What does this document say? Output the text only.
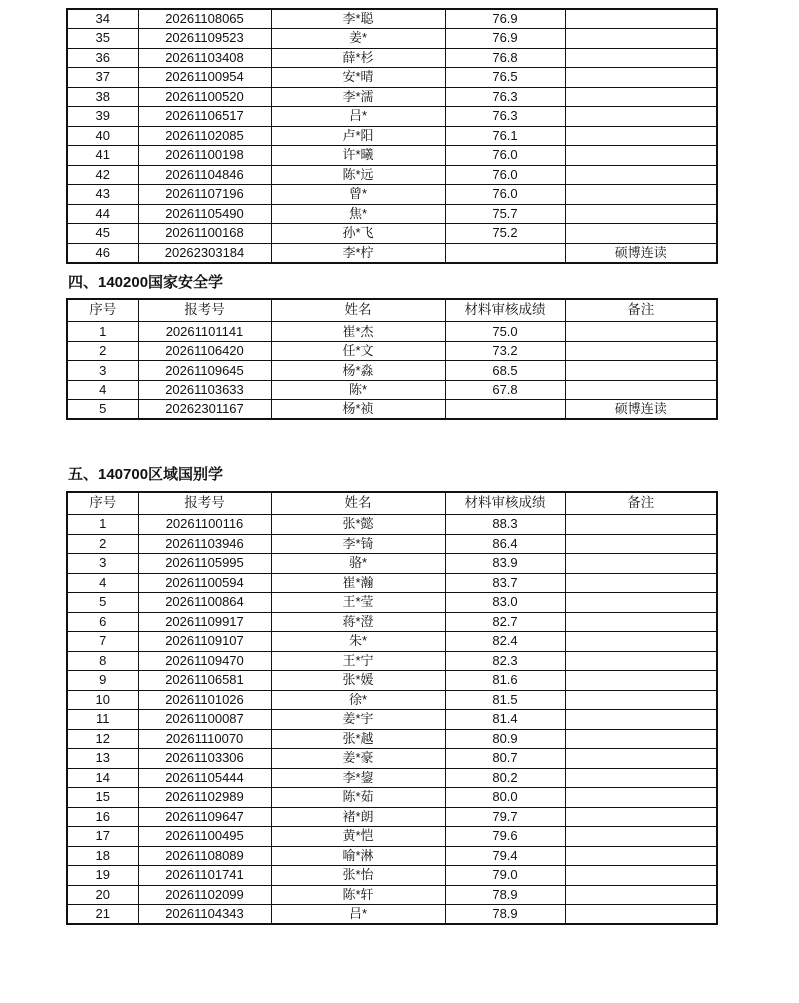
34	20261108065	李*聪	76.9	
35	20261109523	姜*	76.9	
36	20261103408	薛*杉	76.8	
37	20261100954	安*晴	76.5	
38	20261100520	李*濡	76.3	
39	20261106517	吕*	76.3	
40	20261102085	卢*阳	76.1	
41	20261100198	许*曦	76.0	
42	20261104846	陈*远	76.0	
43	20261107196	曾*	76.0	
44	20261105490	焦*	75.7	
45	20261100168	孙*飞	75.2	
46	20262303184	李*柠		硕博连读
四、140200国家安全学
序号	报考号	姓名	材料审核成绩	备注
1	20261101141	崔*杰	75.0	
2	20261106420	任*文	73.2	
3	20261109645	杨*淼	68.5	
4	20261103633	陈*	67.8	
5	20262301167	杨*祯		硕博连读
五、140700区域国别学
序号	报考号	姓名	材料审核成绩	备注
1	20261100116	张*懿	88.3	
2	20261103946	李*锜	86.4	
3	20261105995	骆*	83.9	
4	20261100594	崔*瀚	83.7	
5	20261100864	王*莹	83.0	
6	20261109917	蒋*澄	82.7	
7	20261109107	朱*	82.4	
8	20261109470	王*宁	82.3	
9	20261106581	张*媛	81.6	
10	20261101026	徐*	81.5	
11	20261100087	姜*宇	81.4	
12	20261110070	张*越	80.9	
13	20261103306	姜*豪	80.7	
14	20261105444	李*鋆	80.2	
15	20261102989	陈*茹	80.0	
16	20261109647	褚*朗	79.7	
17	20261100495	黄*恺	79.6	
18	20261108089	喻*淋	79.4	
19	20261101741	张*怡	79.0	
20	20261102099	陈*轩	78.9	
21	20261104343	吕*	78.9	
